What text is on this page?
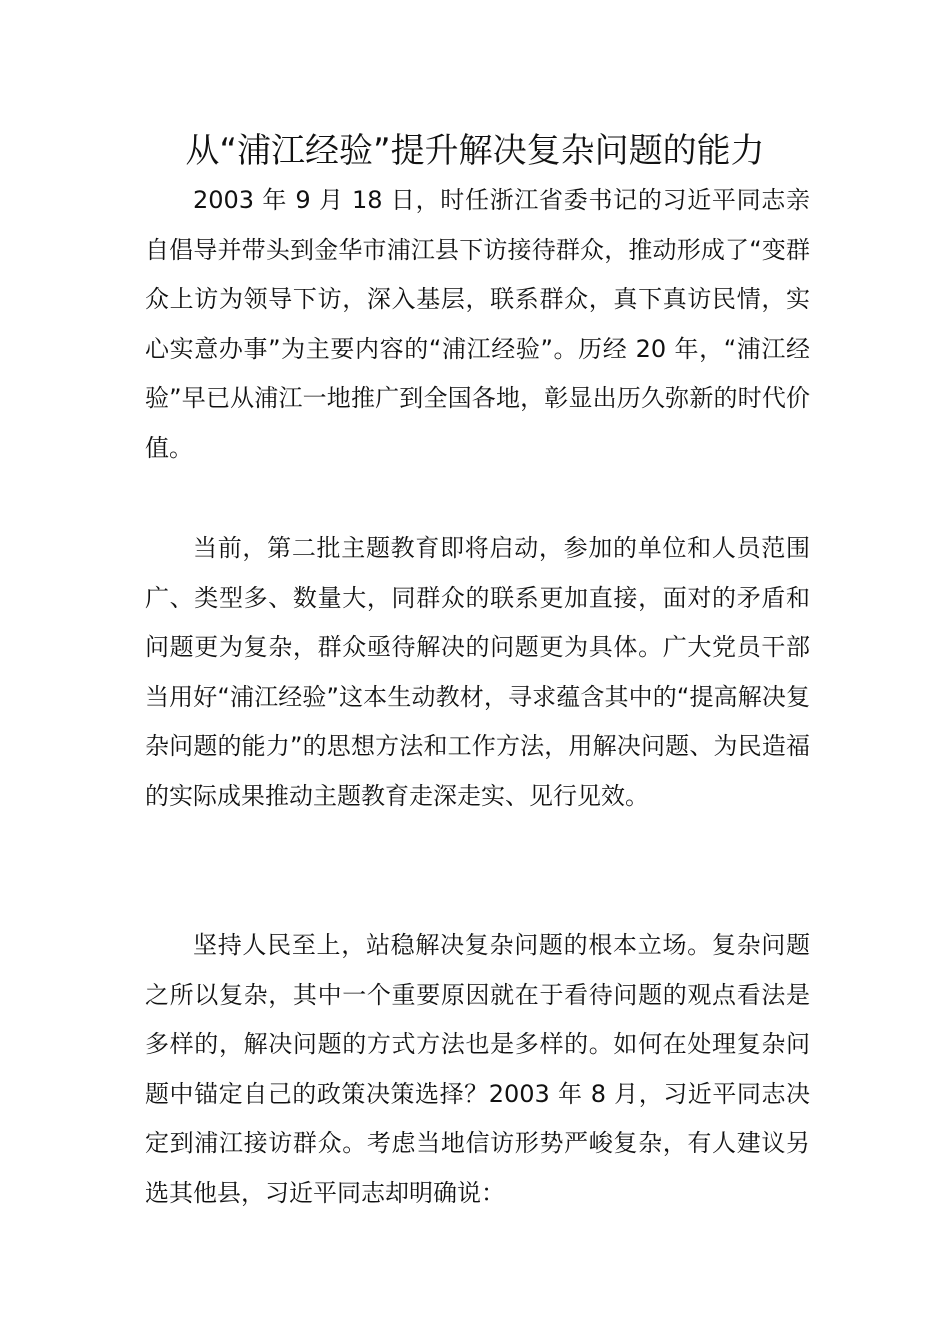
从“浦江经验”提升解决复杂问题的能力

2003 年 9 月 18 日，时任浙江省委书记的习近平同志亲自倡导并带头到金华市浦江县下访接待群众，推动形成了“变群众上访为领导下访，深入基层，联系群众，真下真访民情，实心实意办事”为主要内容的“浦江经验”。历经 20 年，“浦江经验”早已从浦江一地推广到全国各地，彰显出历久弥新的时代价值。

当前，第二批主题教育即将启动，参加的单位和人员范围广、类型多、数量大，同群众的联系更加直接，面对的矛盾和问题更为复杂，群众亟待解决的问题更为具体。广大党员干部当用好“浦江经验”这本生动教材，寻求蕴含其中的“提高解决复杂问题的能力”的思想方法和工作方法，用解决问题、为民造福的实际成果推动主题教育走深走实、见行见效。

坚持人民至上，站稳解决复杂问题的根本立场。复杂问题之所以复杂，其中一个重要原因就在于看待问题的观点看法是多样的，解决问题的方式方法也是多样的。如何在处理复杂问题中锚定自己的政策决策选择？2003 年 8 月，习近平同志决定到浦江接访群众。考虑当地信访形势严峻复杂，有人建议另选其他县，习近平同志却明确说：
